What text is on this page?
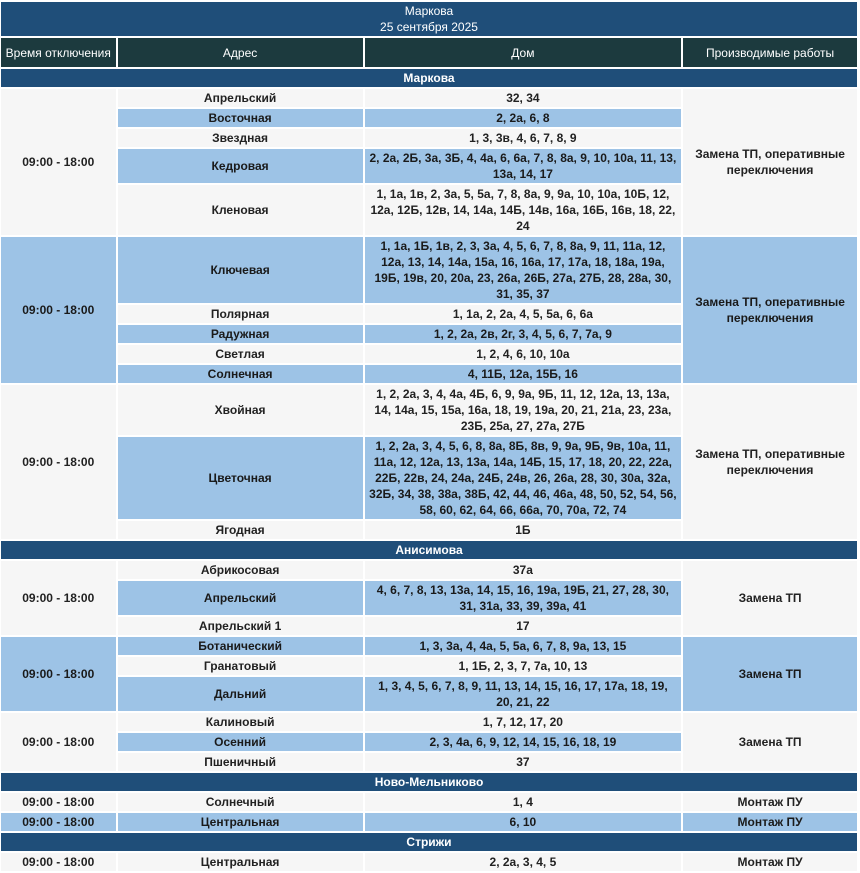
Маркова
25 сентября 2025			

Время отключения	Адрес	Дом	Производимые работы
Маркова			
09:00 - 18:00	Апрельский	32, 34	Замена ТП, оперативные переключения
	Восточная	2, 2а, 6, 8	
	Звездная	1, 3, 3в, 4, 6, 7, 8, 9	
	Кедровая	2, 2а, 2Б, 3а, 3Б, 4, 4а, 6, 6а, 7, 8, 8а, 9, 10, 10а, 11, 13, 13а, 14, 17	
	Кленовая	1, 1а, 1в, 2, 3а, 5, 5а, 7, 8, 8а, 9, 9а, 10, 10а, 10Б, 12, 12а, 12Б, 12в, 14, 14а, 14Б, 14в, 16а, 16Б, 16в, 18, 22, 24	
09:00 - 18:00	Ключевая	1, 1а, 1Б, 1в, 2, 3, 3а, 4, 5, 6, 7, 8, 8а, 9, 11, 11а, 12, 12а, 13, 14, 14а, 15а, 16, 16а, 17, 17а, 18, 18а, 19а, 19Б, 19в, 20, 20а, 23, 26а, 26Б, 27а, 27Б, 28, 28а, 30, 31, 35, 37	Замена ТП, оперативные переключения
	Полярная	1, 1а, 2, 2а, 4, 5, 5а, 6, 6а	
	Радужная	1, 2, 2а, 2в, 2г, 3, 4, 5, 6, 7, 7а, 9	
	Светлая	1, 2, 4, 6, 10, 10а	
	Солнечная	4, 11Б, 12а, 15Б, 16	
09:00 - 18:00	Хвойная	1, 2, 2а, 3, 4, 4а, 4Б, 6, 9, 9а, 9Б, 11, 12, 12а, 13, 13а, 14, 14а, 15, 15а, 16а, 18, 19, 19а, 20, 21, 21а, 23, 23а, 23Б, 25а, 27, 27а, 27Б	Замена ТП, оперативные переключения
	Цветочная	1, 2, 2а, 3, 4, 5, 6, 8, 8а, 8Б, 8в, 9, 9а, 9Б, 9в, 10а, 11, 11а, 12, 12а, 13, 13а, 14а, 14Б, 15, 17, 18, 20, 22, 22а, 22Б, 22в, 24, 24а, 24Б, 24в, 26, 26а, 28, 30, 30а, 32а, 32Б, 34, 38, 38а, 38Б, 42, 44, 46, 46а, 48, 50, 52, 54, 56, 58, 60, 62, 64, 66, 66а, 70, 70а, 72, 74	
	Ягодная	1Б	
Анисимова			
09:00 - 18:00	Абрикосовая	37а	Замена ТП
	Апрельский	4, 6, 7, 8, 13, 13а, 14, 15, 16, 19а, 19Б, 21, 27, 28, 30, 31, 31а, 33, 39, 39а, 41	
	Апрельский 1	17	
09:00 - 18:00	Ботанический	1, 3, 3а, 4, 4а, 5, 5а, 6, 7, 8, 9а, 13, 15	Замена ТП
	Гранатовый	1, 1Б, 2, 3, 7, 7а, 10, 13	
	Дальний	1, 3, 4, 5, 6, 7, 8, 9, 11, 13, 14, 15, 16, 17, 17а, 18, 19, 20, 21, 22	
09:00 - 18:00	Калиновый	1, 7, 12, 17, 20	Замена ТП
	Осенний	2, 3, 4а, 6, 9, 12, 14, 15, 16, 18, 19	
	Пшеничный	37	
Ново-Мельниково			
09:00 - 18:00	Солнечный	1, 4	Монтаж ПУ
09:00 - 18:00	Центральная	6, 10	Монтаж ПУ
Стрижи			
09:00 - 18:00	Центральная	2, 2а, 3, 4, 5	Монтаж ПУ
